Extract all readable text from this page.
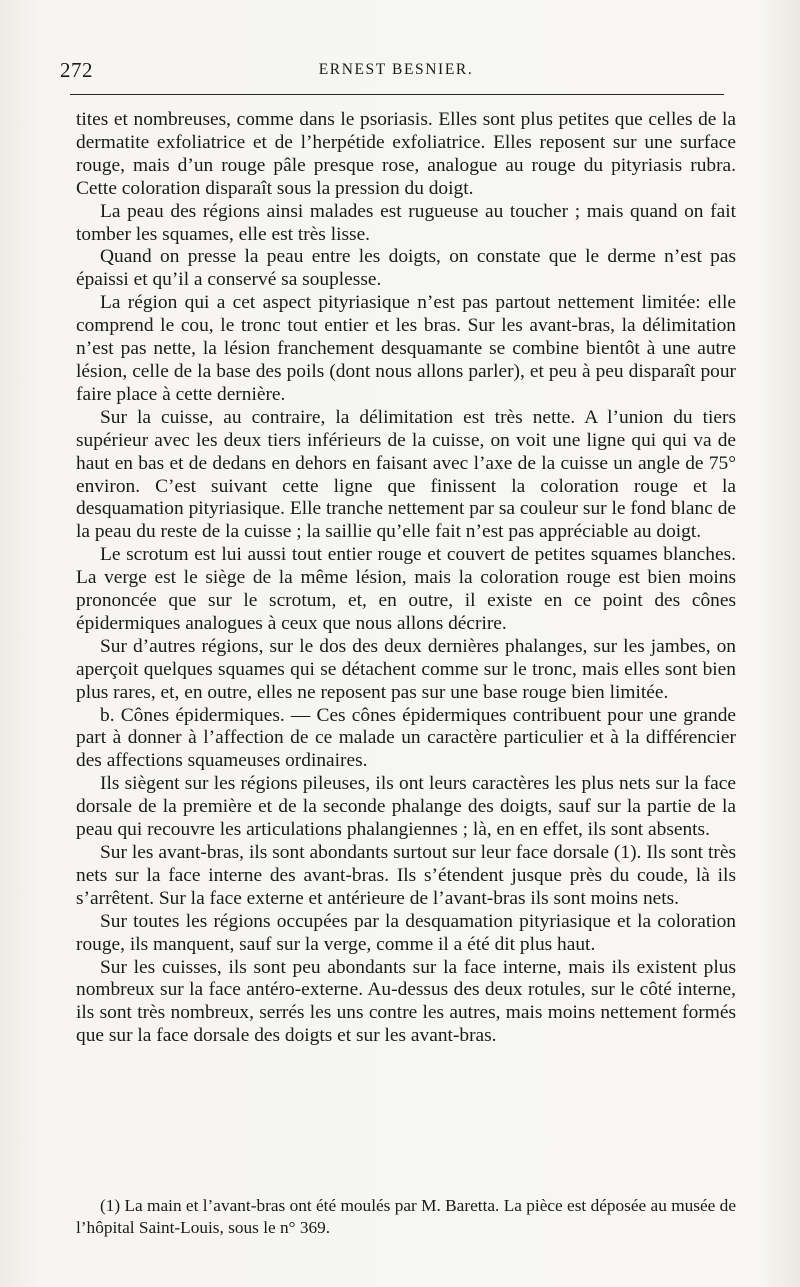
272	ERNEST BESNIER.

tites et nombreuses, comme dans le psoriasis. Elles sont plus petites que celles de la dermatite exfoliatrice et de l’herpétide exfoliatrice. Elles reposent sur une surface rouge, mais d’un rouge pâle presque rose, analogue au rouge du pityriasis rubra. Cette coloration disparaît sous la pression du doigt.

La peau des régions ainsi malades est rugueuse au toucher ; mais quand on fait tomber les squames, elle est très lisse.

Quand on presse la peau entre les doigts, on constate que le derme n’est pas épaissi et qu’il a conservé sa souplesse.

La région qui a cet aspect pityriasique n’est pas partout nettement limitée: elle comprend le cou, le tronc tout entier et les bras. Sur les avant-bras, la délimitation n’est pas nette, la lésion franchement desquamante se combine bientôt à une autre lésion, celle de la base des poils (dont nous allons parler), et peu à peu disparaît pour faire place à cette dernière.

Sur la cuisse, au contraire, la délimitation est très nette. A l’union du tiers supérieur avec les deux tiers inférieurs de la cuisse, on voit une ligne qui qui va de haut en bas et de dedans en dehors en faisant avec l’axe de la cuisse un angle de 75° environ. C’est suivant cette ligne que finissent la coloration rouge et la desquamation pityriasique. Elle tranche nettement par sa couleur sur le fond blanc de la peau du reste de la cuisse ; la saillie qu’elle fait n’est pas appréciable au doigt.

Le scrotum est lui aussi tout entier rouge et couvert de petites squames blanches. La verge est le siège de la même lésion, mais la coloration rouge est bien moins prononcée que sur le scrotum, et, en outre, il existe en ce point des cônes épidermiques analogues à ceux que nous allons décrire.

Sur d’autres régions, sur le dos des deux dernières phalanges, sur les jambes, on aperçoit quelques squames qui se détachent comme sur le tronc, mais elles sont bien plus rares, et, en outre, elles ne reposent pas sur une base rouge bien limitée.

b. Cônes épidermiques. — Ces cônes épidermiques contribuent pour une grande part à donner à l’affection de ce malade un caractère particulier et à la différencier des affections squameuses ordinaires.

Ils siègent sur les régions pileuses, ils ont leurs caractères les plus nets sur la face dorsale de la première et de la seconde phalange des doigts, sauf sur la partie de la peau qui recouvre les articulations phalangiennes ; là, en en effet, ils sont absents.

Sur les avant-bras, ils sont abondants surtout sur leur face dorsale (1). Ils sont très nets sur la face interne des avant-bras. Ils s’étendent jusque près du coude, là ils s’arrêtent. Sur la face externe et antérieure de l’avant-bras ils sont moins nets.

Sur toutes les régions occupées par la desquamation pityriasique et la coloration rouge, ils manquent, sauf sur la verge, comme il a été dit plus haut.

Sur les cuisses, ils sont peu abondants sur la face interne, mais ils existent plus nombreux sur la face antéro-externe. Au-dessus des deux rotules, sur le côté interne, ils sont très nombreux, serrés les uns contre les autres, mais moins nettement formés que sur la face dorsale des doigts et sur les avant-bras.

(1) La main et l’avant-bras ont été moulés par M. Baretta. La pièce est déposée au musée de l’hôpital Saint-Louis, sous le n° 369.
